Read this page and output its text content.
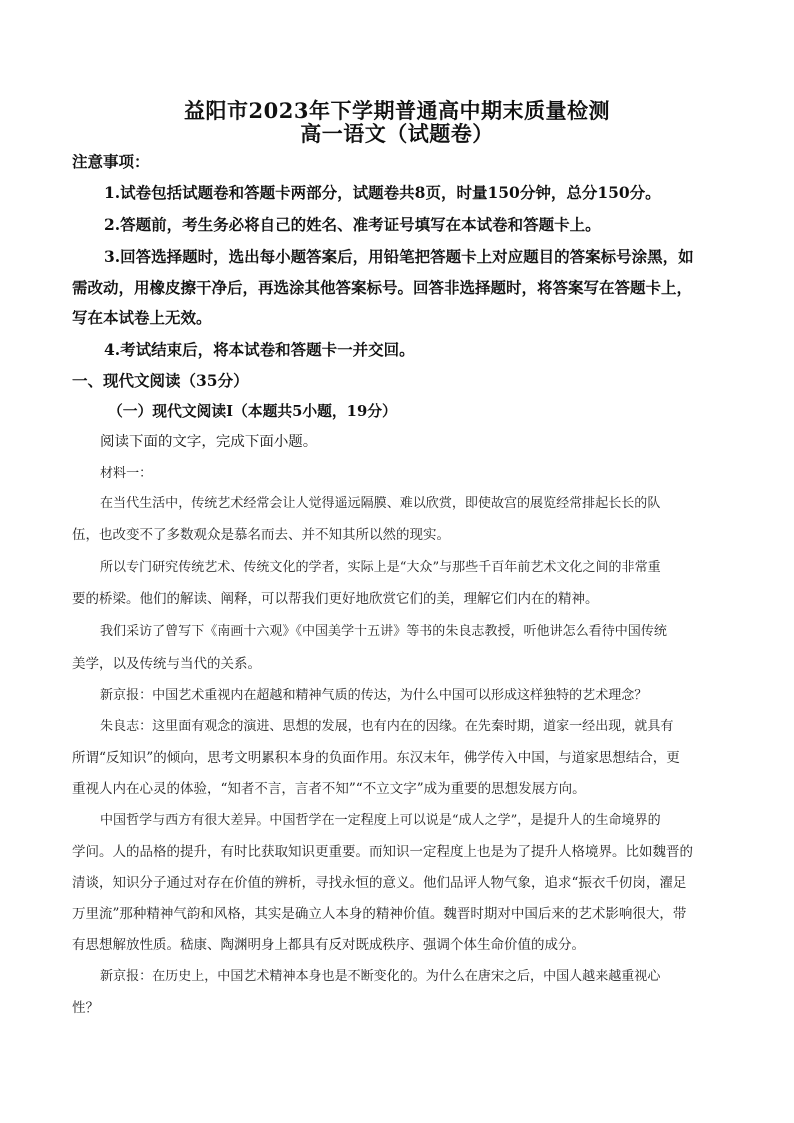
益阳市2023年下学期普通高中期末质量检测
高一语文（试题卷）
注意事项：
1.试卷包括试题卷和答题卡两部分，试题卷共8页，时量150分钟，总分150分。
2.答题前，考生务必将自己的姓名、准考证号填写在本试卷和答题卡上。
3.回答选择题时，选出每小题答案后，用铅笔把答题卡上对应题目的答案标号涂黑，如
需改动，用橡皮擦干净后，再选涂其他答案标号。回答非选择题时，将答案写在答题卡上，
写在本试卷上无效。
4.考试结束后，将本试卷和答题卡一并交回。
一、现代文阅读（35分）
（一）现代文阅读Ⅰ（本题共5小题，19分）
阅读下面的文字，完成下面小题。
材料一：
在当代生活中，传统艺术经常会让人觉得遥远隔膜、难以欣赏，即使故宫的展览经常排起长长的队
伍，也改变不了多数观众是慕名而去、并不知其所以然的现实。
所以专门研究传统艺术、传统文化的学者，实际上是“大众”与那些千百年前艺术文化之间的非常重
要的桥梁。他们的解读、阐释，可以帮我们更好地欣赏它们的美，理解它们内在的精神。
我们采访了曾写下《南画十六观》《中国美学十五讲》等书的朱良志教授，听他讲怎么看待中国传统
美学，以及传统与当代的关系。
新京报：中国艺术重视内在超越和精神气质的传达，为什么中国可以形成这样独特的艺术理念？
朱良志：这里面有观念的演进、思想的发展，也有内在的因缘。在先秦时期，道家一经出现，就具有
所谓“反知识”的倾向，思考文明累积本身的负面作用。东汉末年，佛学传入中国，与道家思想结合，更
重视人内在心灵的体验，“知者不言，言者不知”“不立文字”成为重要的思想发展方向。
中国哲学与西方有很大差异。中国哲学在一定程度上可以说是“成人之学”，是提升人的生命境界的
学问。人的品格的提升，有时比获取知识更重要。而知识一定程度上也是为了提升人格境界。比如魏晋的
清谈，知识分子通过对存在价值的辨析，寻找永恒的意义。他们品评人物气象，追求“振衣千仞岗，濯足
万里流”那种精神气韵和风格，其实是确立人本身的精神价值。魏晋时期对中国后来的艺术影响很大，带
有思想解放性质。嵇康、陶渊明身上都具有反对既成秩序、强调个体生命价值的成分。
新京报：在历史上，中国艺术精神本身也是不断变化的。为什么在唐宋之后，中国人越来越重视心
性？
